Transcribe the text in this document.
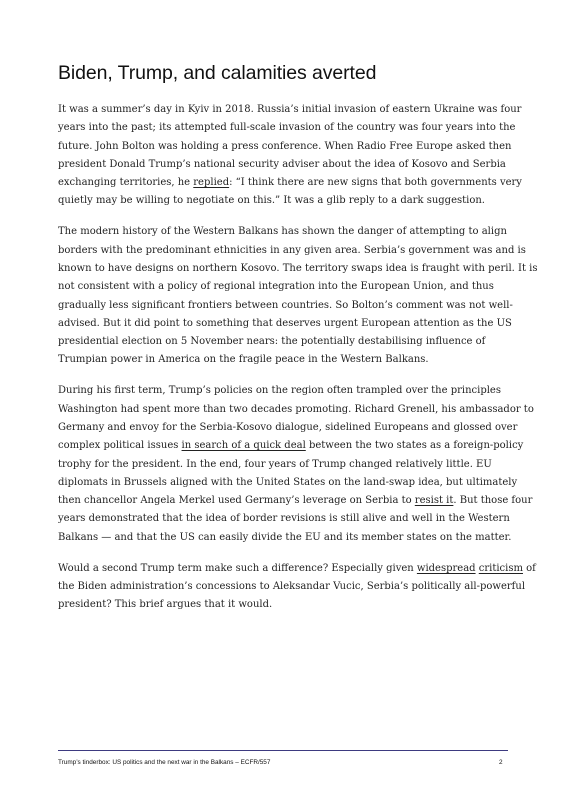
Biden, Trump, and calamities averted

It was a summer’s day in Kyiv in 2018. Russia’s initial invasion of eastern Ukraine was four
years into the past; its attempted full-scale invasion of the country was four years into the
future. John Bolton was holding a press conference. When Radio Free Europe asked then
president Donald Trump’s national security adviser about the idea of Kosovo and Serbia
exchanging territories, he replied: “I think there are new signs that both governments very
quietly may be willing to negotiate on this.” It was a glib reply to a dark suggestion.

The modern history of the Western Balkans has shown the danger of attempting to align
borders with the predominant ethnicities in any given area. Serbia’s government was and is
known to have designs on northern Kosovo. The territory swaps idea is fraught with peril. It is
not consistent with a policy of regional integration into the European Union, and thus
gradually less significant frontiers between countries. So Bolton’s comment was not well-
advised. But it did point to something that deserves urgent European attention as the US
presidential election on 5 November nears: the potentially destabilising influence of
Trumpian power in America on the fragile peace in the Western Balkans.

During his first term, Trump’s policies on the region often trampled over the principles
Washington had spent more than two decades promoting. Richard Grenell, his ambassador to
Germany and envoy for the Serbia-Kosovo dialogue, sidelined Europeans and glossed over
complex political issues in search of a quick deal between the two states as a foreign-policy
trophy for the president. In the end, four years of Trump changed relatively little. EU
diplomats in Brussels aligned with the United States on the land-swap idea, but ultimately
then chancellor Angela Merkel used Germany’s leverage on Serbia to resist it. But those four
years demonstrated that the idea of border revisions is still alive and well in the Western
Balkans — and that the US can easily divide the EU and its member states on the matter.

Would a second Trump term make such a difference? Especially given widespread criticism of
the Biden administration’s concessions to Aleksandar Vucic, Serbia’s politically all-powerful
president? This brief argues that it would.

Trump’s tinderbox: US politics and the next war in the Balkans – ECFR/557	2
